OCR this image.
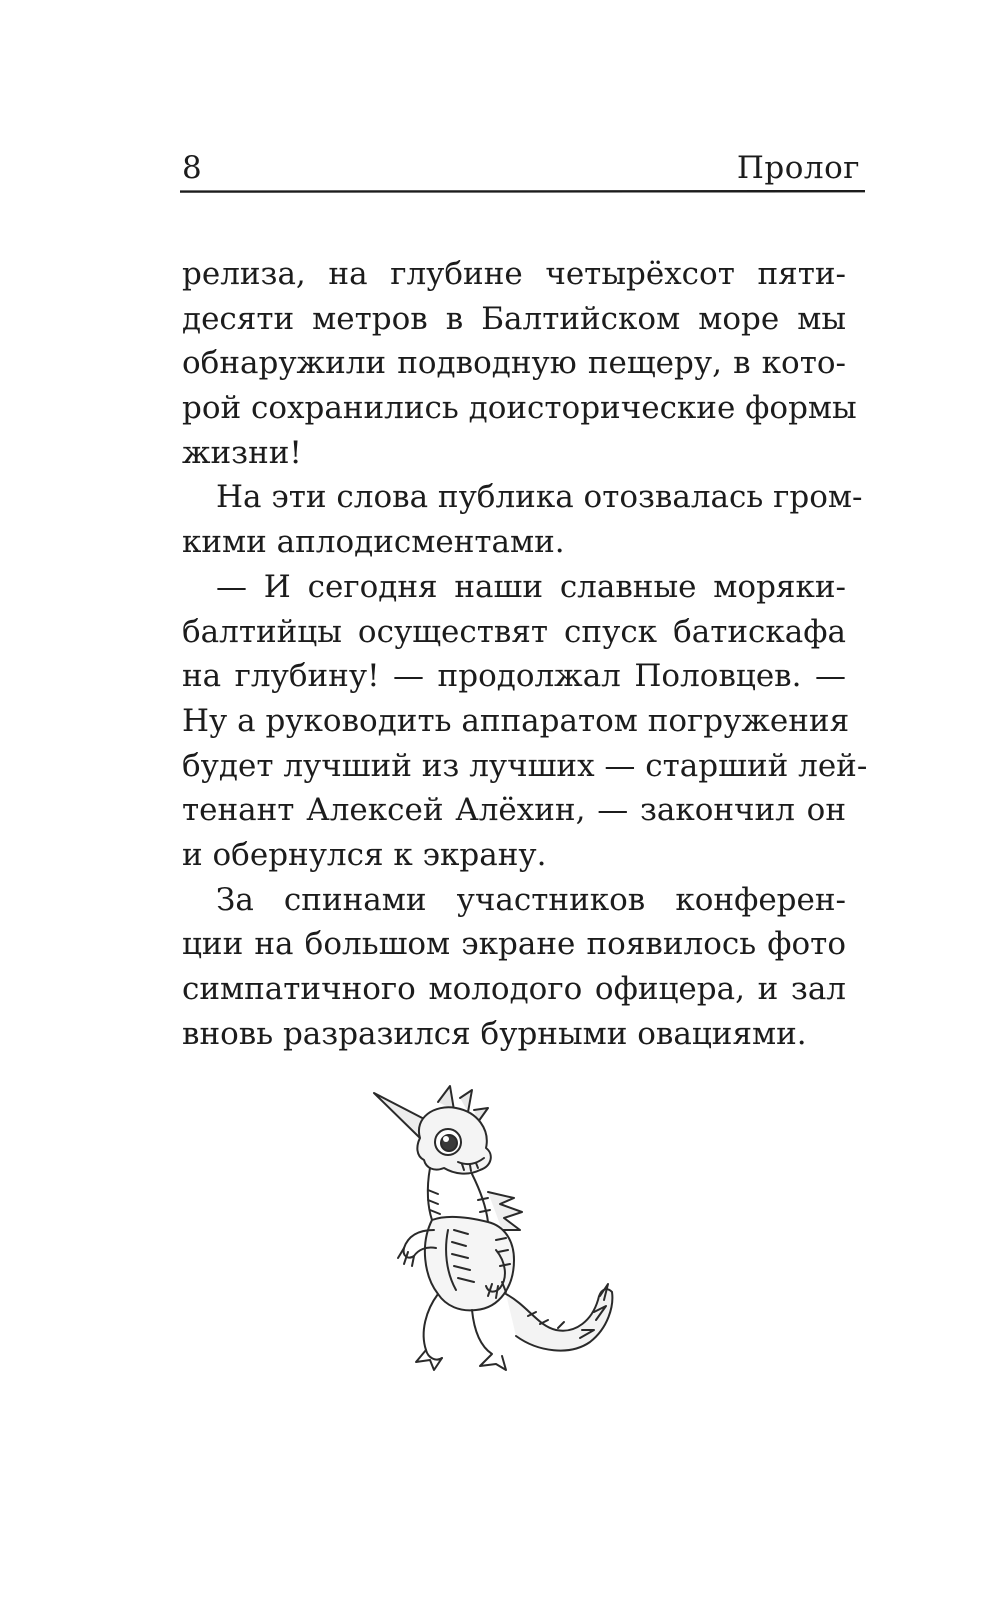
8	Пролог
релиза, на глубине четырёхсот пяти-
десяти метров в Балтийском море мы
обнаружили подводную пещеру, в кото-
рой сохранились доисторические формы
жизни!
На эти слова публика отозвалась гром-
кими аплодисментами.
— И сегодня наши славные моряки-
балтийцы осуществят спуск батискафа
на глубину! — продолжал Половцев. —
Ну а руководить аппаратом погружения
будет лучший из лучших — старший лей-
тенант Алексей Алёхин, — закончил он
и обернулся к экрану.
За спинами участников конферен-
ции на большом экране появилось фото
симпатичного молодого офицера, и зал
вновь разразился бурными овациями.
